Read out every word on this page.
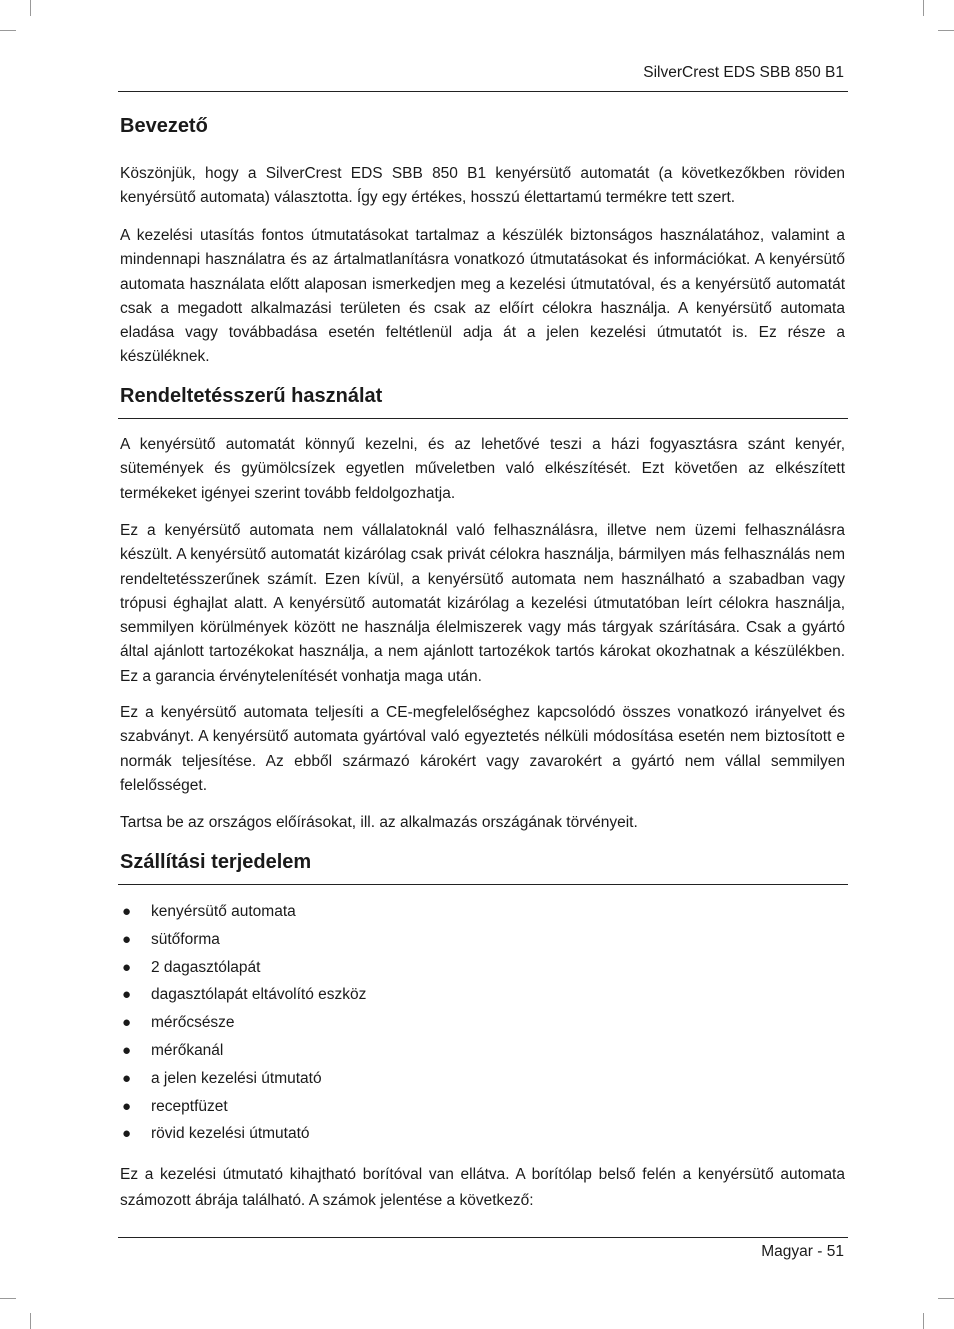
SilverCrest EDS SBB 850 B1
Bevezető

Köszönjük, hogy a SilverCrest EDS SBB 850 B1 kenyérsütő automatát (a következőkben röviden kenyérsütő automata) választotta. Így egy értékes, hosszú élettartamú termékre tett szert.

A kezelési utasítás fontos útmutatásokat tartalmaz a készülék biztonságos használatához, valamint a mindennapi használatra és az ártalmatlanításra vonatkozó útmutatásokat és információkat. A kenyérsütő automata használata előtt alaposan ismerkedjen meg a kezelési útmutatóval, és a kenyérsütő automatát csak a megadott alkalmazási területen és csak az előírt célokra használja. A kenyérsütő automata eladása vagy továbbadása esetén feltétlenül adja át a jelen kezelési útmutatót is. Ez része a készüléknek.

Rendeltetésszerű használat

A kenyérsütő automatát könnyű kezelni, és az lehetővé teszi a házi fogyasztásra szánt kenyér, sütemények és gyümölcsízek egyetlen műveletben való elkészítését. Ezt követően az elkészített termékeket igényei szerint tovább feldolgozhatja.

Ez a kenyérsütő automata nem vállalatoknál való felhasználásra, illetve nem üzemi felhasználásra készült. A kenyérsütő automatát kizárólag csak privát célokra használja, bármilyen más felhasználás nem rendeltetésszerűnek számít. Ezen kívül, a kenyérsütő automata nem használható a szabadban vagy trópusi éghajlat alatt. A kenyérsütő automatát kizárólag a kezelési útmutatóban leírt célokra használja, semmilyen körülmények között ne használja élelmiszerek vagy más tárgyak szárítására. Csak a gyártó által ajánlott tartozékokat használja, a nem ajánlott tartozékok tartós károkat okozhatnak a készülékben. Ez a garancia érvénytelenítését vonhatja maga után.

Ez a kenyérsütő automata teljesíti a CE-megfelelőséghez kapcsolódó összes vonatkozó irányelvet és szabványt. A kenyérsütő automata gyártóval való egyeztetés nélküli módosítása esetén nem biztosított e normák teljesítése. Az ebből származó károkért vagy zavarokért a gyártó nem vállal semmilyen felelősséget.

Tartsa be az országos előírásokat, ill. az alkalmazás országának törvényeit.

Szállítási terjedelem
● kenyérsütő automata
● sütőforma
● 2 dagasztólapát
● dagasztólapát eltávolító eszköz
● mérőcsésze
● mérőkanál
● a jelen kezelési útmutató
● receptfüzet
● rövid kezelési útmutató

Ez a kezelési útmutató kihajtható borítóval van ellátva. A borítólap belső felén a kenyérsütő automata számozott ábrája található. A számok jelentése a következő:

Magyar - 51
